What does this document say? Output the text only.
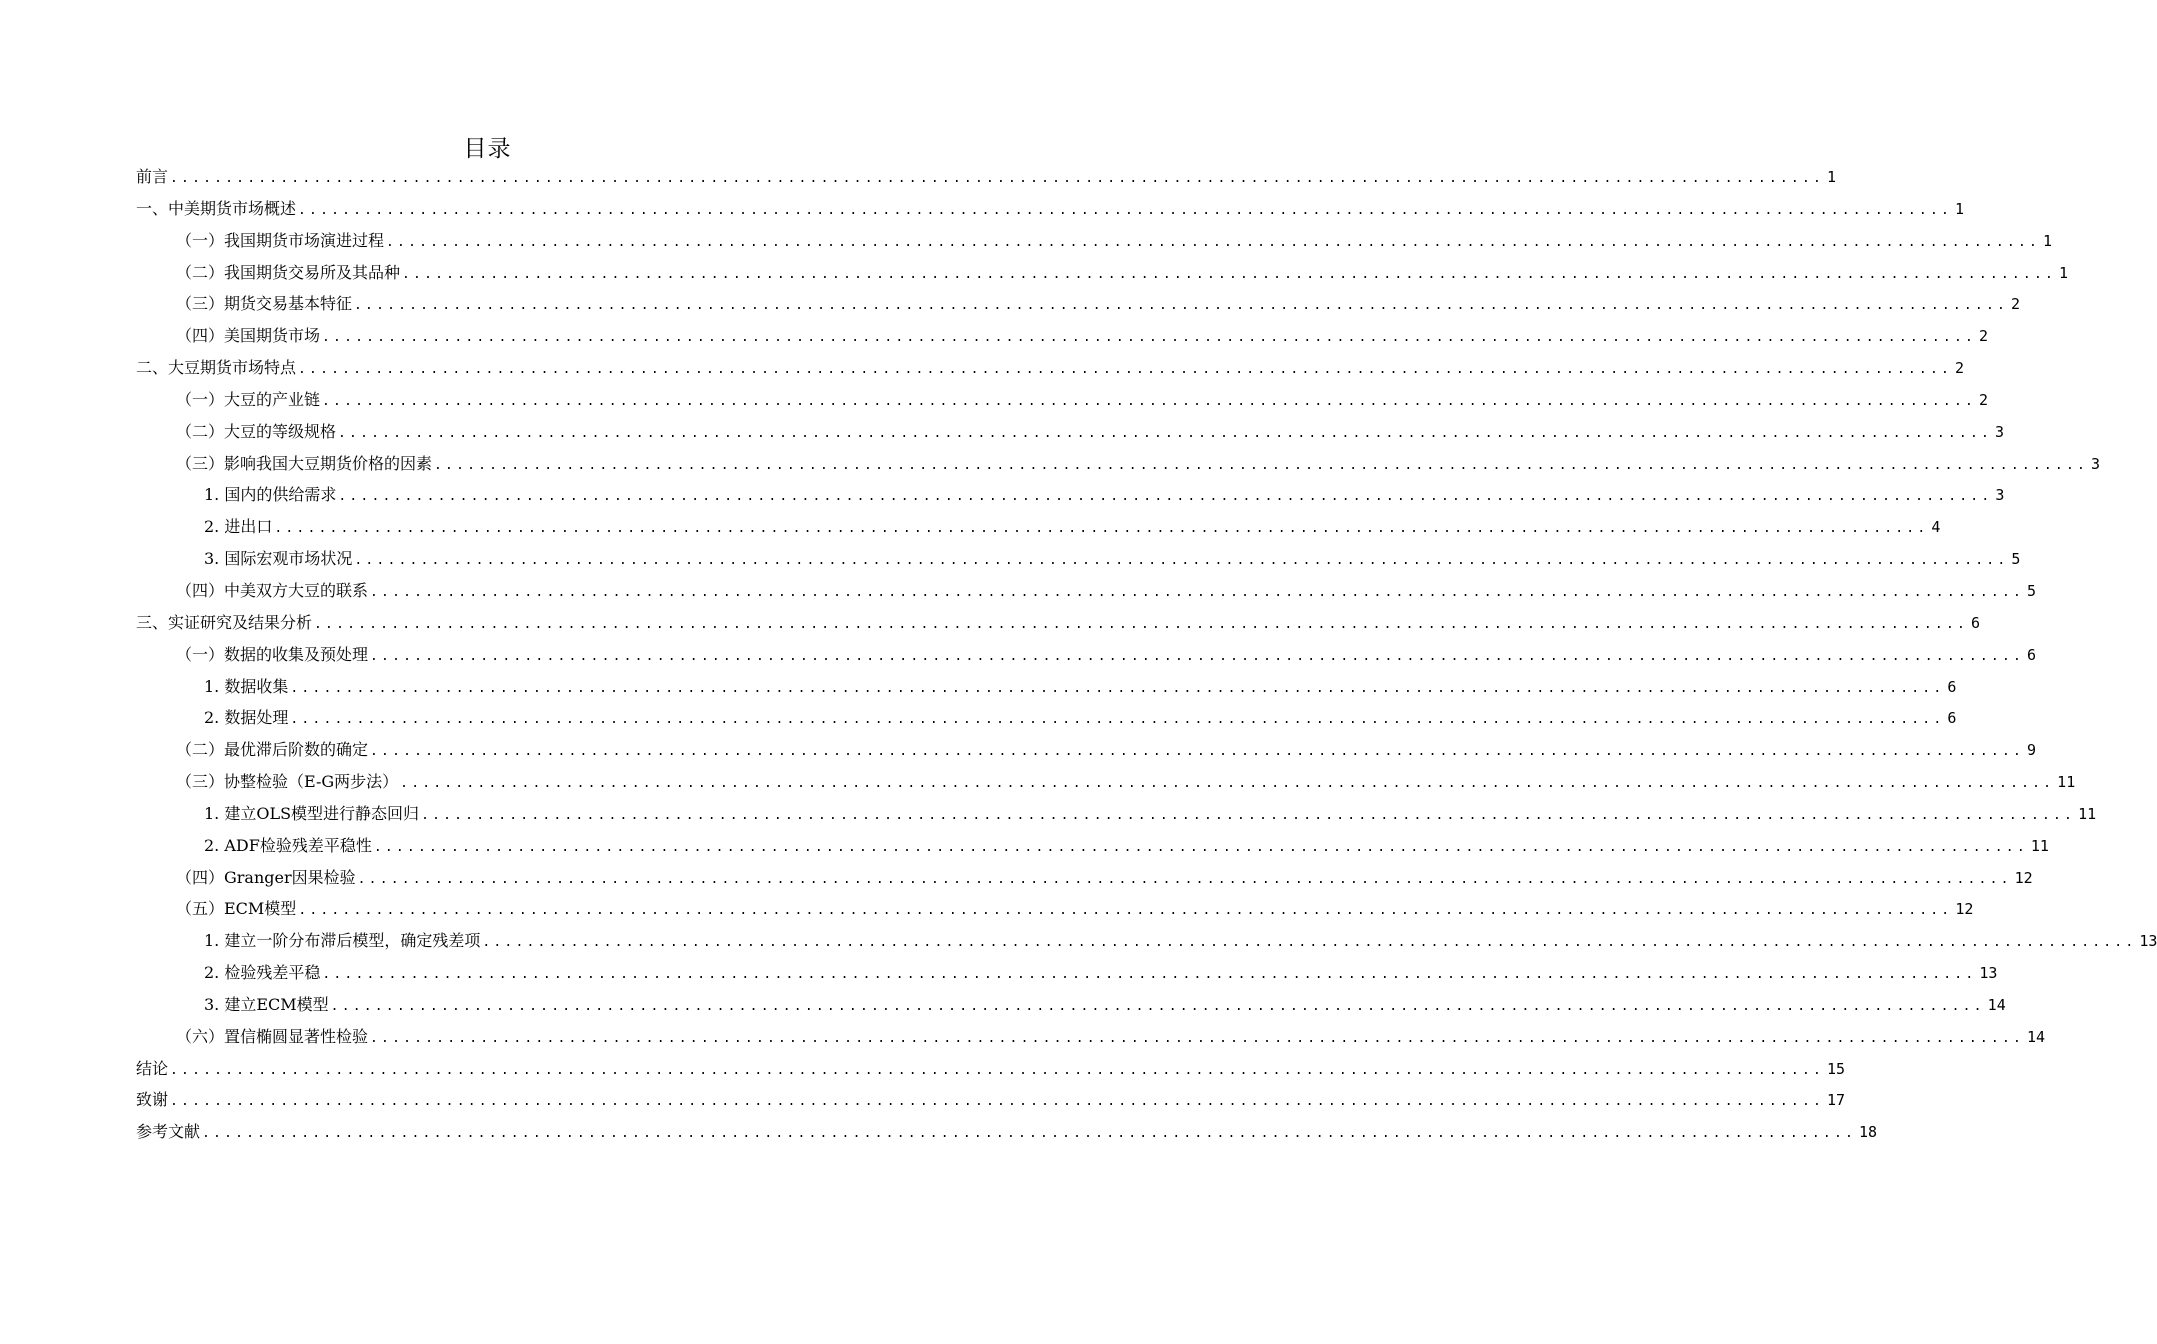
目录
前言 ...................................................................................................................................................... 1
一、中美期货市场概述 ...................................................................................................................................................... 1
（一）我国期货市场演进过程 ...................................................................................................................................................... 1
（二）我国期货交易所及其品种 ...................................................................................................................................................... 1
（三）期货交易基本特征 ...................................................................................................................................................... 2
（四）美国期货市场 ...................................................................................................................................................... 2
二、大豆期货市场特点 ...................................................................................................................................................... 2
（一）大豆的产业链 ...................................................................................................................................................... 2
（二）大豆的等级规格 ...................................................................................................................................................... 3
（三）影响我国大豆期货价格的因素 ...................................................................................................................................................... 3
1. 国内的供给需求 ...................................................................................................................................................... 3
2. 进出口 ...................................................................................................................................................... 4
3. 国际宏观市场状况 ...................................................................................................................................................... 5
（四）中美双方大豆的联系 ...................................................................................................................................................... 5
三、实证研究及结果分析 ...................................................................................................................................................... 6
（一）数据的收集及预处理 ...................................................................................................................................................... 6
1. 数据收集 ...................................................................................................................................................... 6
2. 数据处理 ...................................................................................................................................................... 6
（二）最优滞后阶数的确定 ...................................................................................................................................................... 9
（三）协整检验（E-G两步法） ...................................................................................................................................................... 11
1. 建立OLS模型进行静态回归 ...................................................................................................................................................... 11
2. ADF检验残差平稳性 ...................................................................................................................................................... 11
（四）Granger因果检验 ...................................................................................................................................................... 12
（五）ECM模型 ...................................................................................................................................................... 12
1. 建立一阶分布滞后模型，确定残差项 ...................................................................................................................................................... 13
2. 检验残差平稳 ...................................................................................................................................................... 13
3. 建立ECM模型 ...................................................................................................................................................... 14
（六）置信椭圆显著性检验 ...................................................................................................................................................... 14
结论 ...................................................................................................................................................... 15
致谢 ...................................................................................................................................................... 17
参考文献 ...................................................................................................................................................... 18
